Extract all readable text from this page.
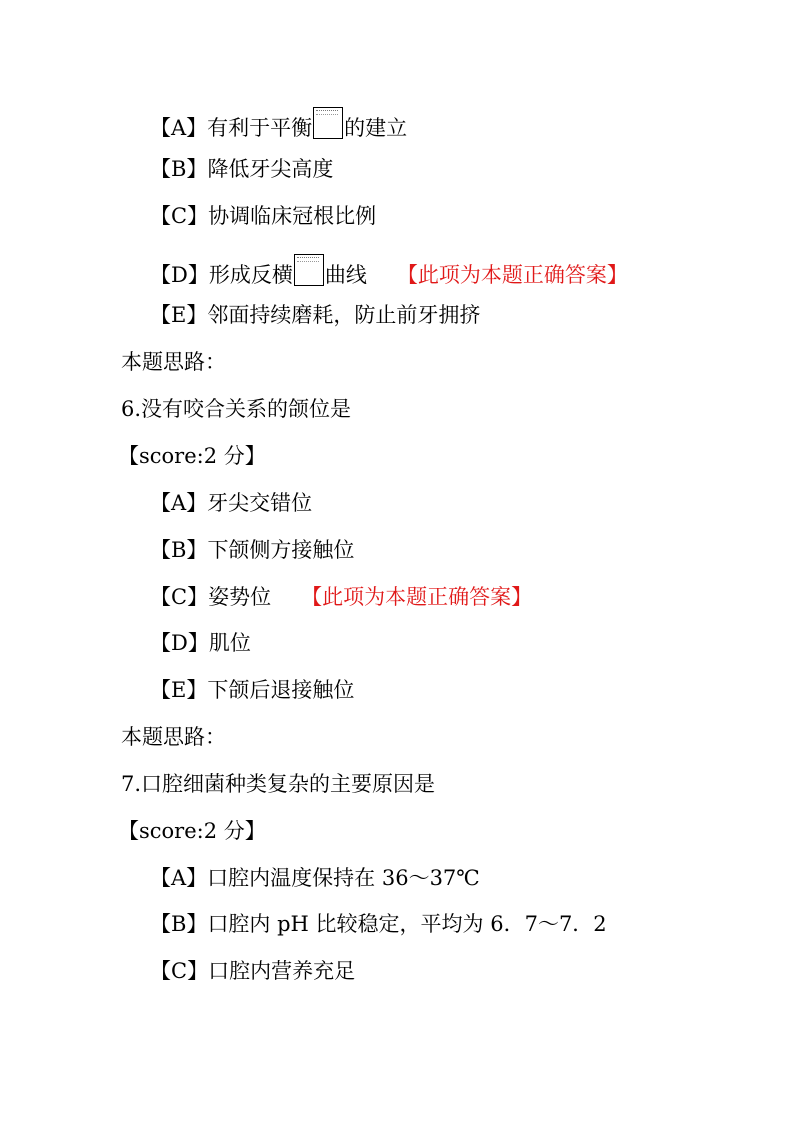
【A】有利于平衡 的建立
【B】降低牙尖高度
【C】协调临床冠根比例
【D】形成反横 曲线 【此项为本题正确答案】
【E】邻面持续磨耗，防止前牙拥挤
本题思路：
6.没有咬合关系的颌位是
【score:2 分】
【A】牙尖交错位
【B】下颌侧方接触位
【C】姿势位 【此项为本题正确答案】
【D】肌位
【E】下颌后退接触位
本题思路：
7.口腔细菌种类复杂的主要原因是
【score:2 分】
【A】口腔内温度保持在 36～37℃
【B】口腔内 pH 比较稳定，平均为 6．7～7．2
【C】口腔内营养充足
